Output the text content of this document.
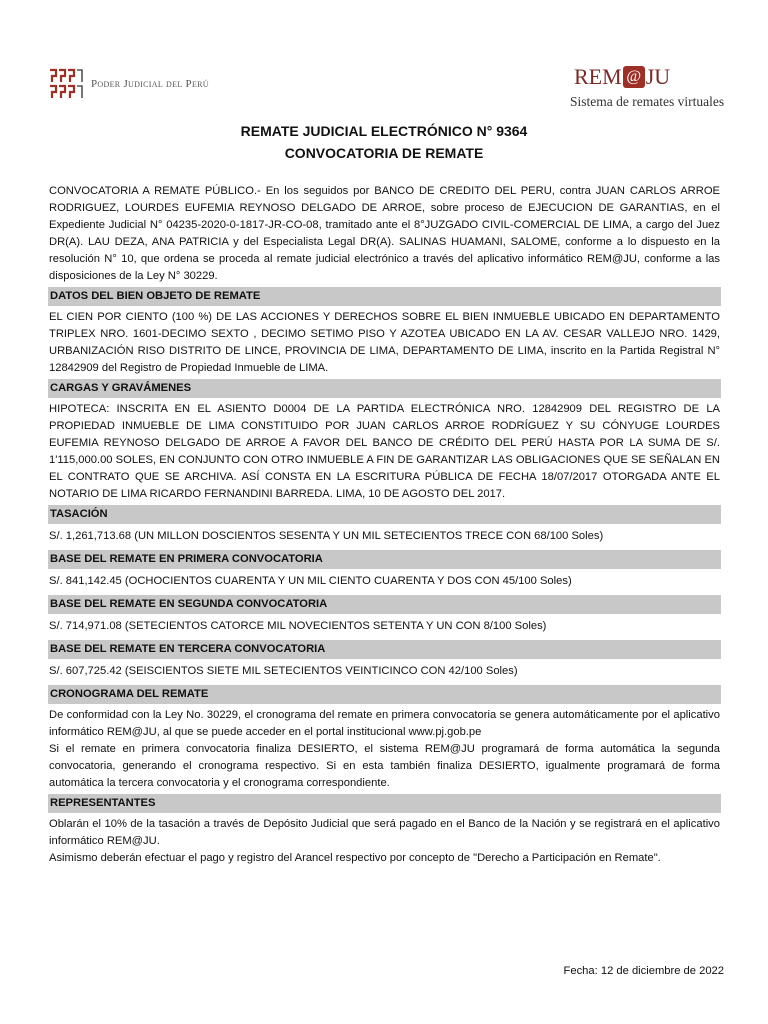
Poder Judicial del Perú	REM @ JU
Sistema de remates virtuales
REMATE JUDICIAL ELECTRÓNICO N° 9364
CONVOCATORIA DE REMATE
CONVOCATORIA A REMATE PÚBLICO.- En los seguidos por BANCO DE CREDITO DEL PERU, contra JUAN CARLOS ARROE RODRIGUEZ, LOURDES EUFEMIA REYNOSO DELGADO DE ARROE, sobre proceso de EJECUCION DE GARANTIAS, en el Expediente Judicial N° 04235-2020-0-1817-JR-CO-08, tramitado ante el 8°JUZGADO CIVIL-COMERCIAL DE LIMA, a cargo del Juez DR(A). LAU DEZA, ANA PATRICIA y del Especialista Legal DR(A). SALINAS HUAMANI, SALOME, conforme a lo dispuesto en la resolución N° 10, que ordena se proceda al remate judicial electrónico a través del aplicativo informático REM@JU, conforme a las disposiciones de la Ley N° 30229.
DATOS DEL BIEN OBJETO DE REMATE
EL CIEN POR CIENTO (100 %) DE LAS ACCIONES Y DERECHOS SOBRE EL BIEN INMUEBLE UBICADO EN DEPARTAMENTO TRIPLEX NRO. 1601-DECIMO SEXTO , DECIMO SETIMO PISO Y AZOTEA UBICADO EN LA AV. CESAR VALLEJO NRO. 1429, URBANIZACIÓN RISO DISTRITO DE LINCE, PROVINCIA DE LIMA, DEPARTAMENTO DE LIMA, inscrito en la Partida Registral N° 12842909 del Registro de Propiedad Inmueble de LIMA.
CARGAS Y GRAVÁMENES
HIPOTECA: INSCRITA EN EL ASIENTO D0004 DE LA PARTIDA ELECTRÓNICA NRO. 12842909 DEL REGISTRO DE LA PROPIEDAD INMUEBLE DE LIMA CONSTITUIDO POR JUAN CARLOS ARROE RODRÍGUEZ Y SU CÓNYUGE LOURDES EUFEMIA REYNOSO DELGADO DE ARROE A FAVOR DEL BANCO DE CRÉDITO DEL PERÚ HASTA POR LA SUMA DE S/. 1'115,000.00 SOLES, EN CONJUNTO CON OTRO INMUEBLE A FIN DE GARANTIZAR LAS OBLIGACIONES QUE SE SEÑALAN EN EL CONTRATO QUE SE ARCHIVA. ASÍ CONSTA EN LA ESCRITURA PÚBLICA DE FECHA 18/07/2017 OTORGADA ANTE EL NOTARIO DE LIMA RICARDO FERNANDINI BARREDA. LIMA, 10 DE AGOSTO DEL 2017.
TASACIÓN
S/. 1,261,713.68 (UN MILLON DOSCIENTOS SESENTA Y UN MIL SETECIENTOS TRECE CON 68/100 Soles)
BASE DEL REMATE EN PRIMERA CONVOCATORIA
S/. 841,142.45 (OCHOCIENTOS CUARENTA Y UN MIL CIENTO CUARENTA Y DOS CON 45/100 Soles)
BASE DEL REMATE EN SEGUNDA CONVOCATORIA
S/. 714,971.08 (SETECIENTOS CATORCE MIL NOVECIENTOS SETENTA Y UN CON 8/100 Soles)
BASE DEL REMATE EN TERCERA CONVOCATORIA
S/. 607,725.42 (SEISCIENTOS SIETE MIL SETECIENTOS VEINTICINCO CON 42/100 Soles)
CRONOGRAMA DEL REMATE
De conformidad con la Ley No. 30229, el cronograma del remate en primera convocatoria se genera automáticamente por el aplicativo informático REM@JU, al que se puede acceder en el portal institucional www.pj.gob.pe
Si el remate en primera convocatoria finaliza DESIERTO, el sistema REM@JU programará de forma automática la segunda convocatoria, generando el cronograma respectivo. Si en esta también finaliza DESIERTO, igualmente programará de forma automática la tercera convocatoria y el cronograma correspondiente.
REPRESENTANTES
Oblarán el 10% de la tasación a través de Depósito Judicial que será pagado en el Banco de la Nación y se registrará en el aplicativo informático REM@JU.
Asimismo deberán efectuar el pago y registro del Arancel respectivo por concepto de "Derecho a Participación en Remate".
Fecha: 12 de diciembre de 2022
